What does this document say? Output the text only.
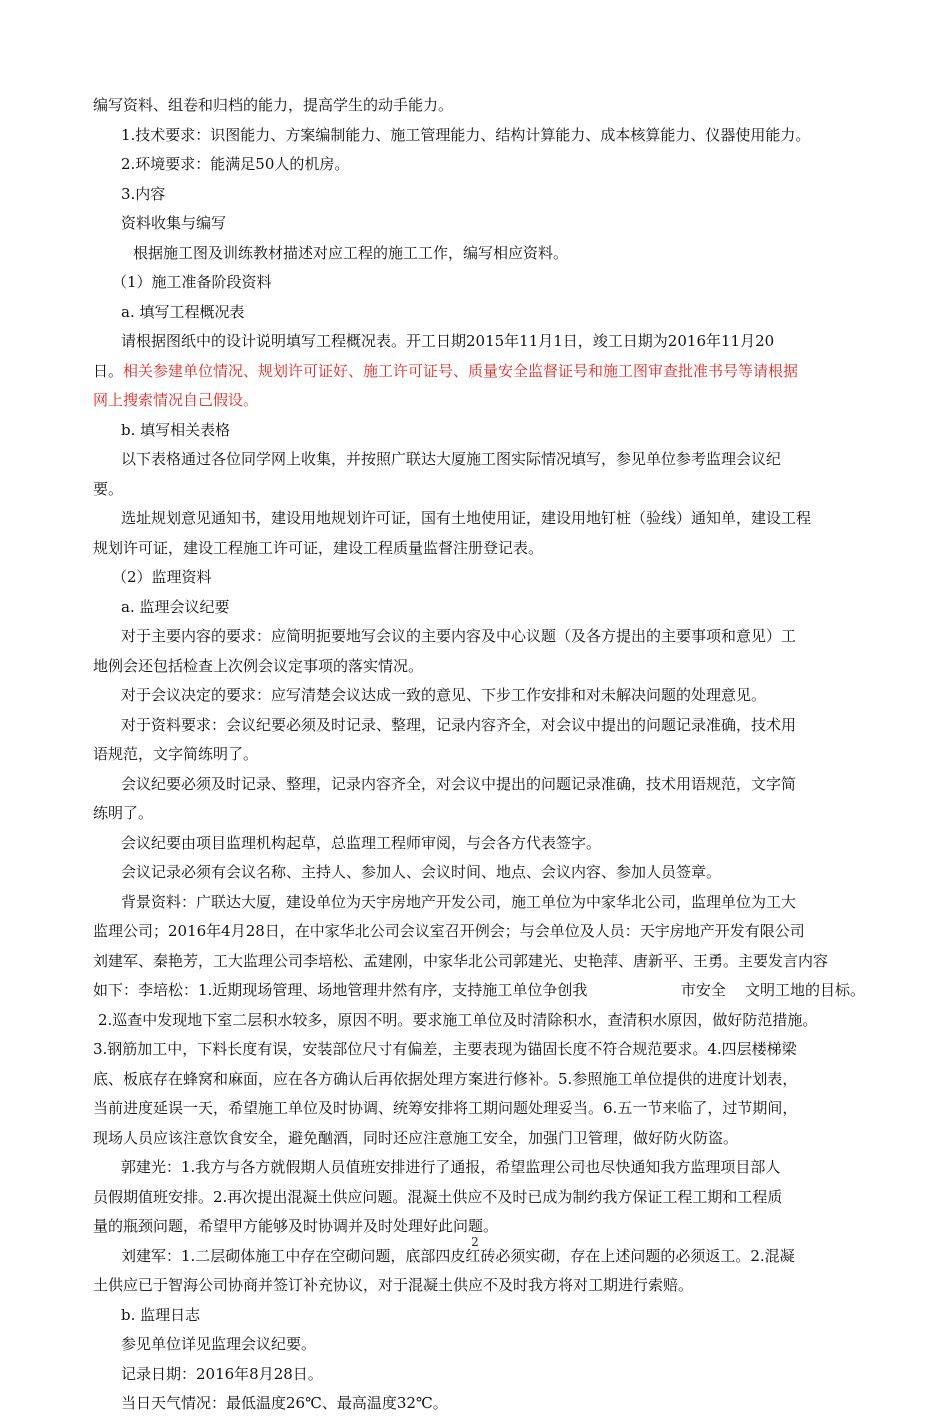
编写资料、组卷和归档的能力，提高学生的动手能力。
1.技术要求：识图能力、方案编制能力、施工管理能力、结构计算能力、成本核算能力、仪器使用能力。
2.环境要求：能满足50人的机房。
3.内容
资料收集与编写
根据施工图及训练教材描述对应工程的施工工作，编写相应资料。
（1）施工准备阶段资料
a. 填写工程概况表
请根据图纸中的设计说明填写工程概况表。开工日期2015年11月1日，竣工日期为2016年11月20
日。相关参建单位情况、规划许可证好、施工许可证号、质量安全监督证号和施工图审查批准书号等请根据
网上搜索情况自己假设。
b. 填写相关表格
以下表格通过各位同学网上收集，并按照广联达大厦施工图实际情况填写，参见单位参考监理会议纪
要。
选址规划意见通知书，建设用地规划许可证，国有土地使用证，建设用地钉桩（验线）通知单，建设工程
规划许可证，建设工程施工许可证，建设工程质量监督注册登记表。
（2）监理资料
a. 监理会议纪要
对于主要内容的要求：应简明扼要地写会议的主要内容及中心议题（及各方提出的主要事项和意见）工
地例会还包括检查上次例会议定事项的落实情况。
对于会议决定的要求：应写清楚会议达成一致的意见、下步工作安排和对未解决问题的处理意见。
对于资料要求：会议纪要必须及时记录、整理，记录内容齐全，对会议中提出的问题记录准确，技术用
语规范，文字简练明了。
会议纪要必须及时记录、整理，记录内容齐全，对会议中提出的问题记录准确，技术用语规范，文字简
练明了。
会议纪要由项目监理机构起草，总监理工程师审阅，与会各方代表签字。
会议记录必须有会议名称、主持人、参加人、会议时间、地点、会议内容、参加人员签章。
背景资料：广联达大厦，建设单位为天宇房地产开发公司，施工单位为中家华北公司，监理单位为工大
监理公司；2016年4月28日，在中家华北公司会议室召开例会；与会单位及人员：天宇房地产开发有限公司
刘建军、秦艳芳，工大监理公司李培松、孟建刚，中家华北公司郭建光、史艳萍、唐新平、王勇。主要发言内容
如下：李培松：1.近期现场管理、场地管理井然有序，支持施工单位争创我	市安全 文明工地的目标。
2.巡查中发现地下室二层积水较多，原因不明。要求施工单位及时清除积水，查清积水原因，做好防范措施。
3.钢筋加工中，下料长度有误，安装部位尺寸有偏差，主要表现为锚固长度不符合规范要求。4.四层楼梯梁
底、板底存在蜂窝和麻面，应在各方确认后再依据处理方案进行修补。5.参照施工单位提供的进度计划表，
当前进度延误一天，希望施工单位及时协调、统筹安排将工期问题处理妥当。6.五一节来临了，过节期间，
现场人员应该注意饮食安全，避免酗酒，同时还应注意施工安全，加强门卫管理，做好防火防盗。
郭建光：1.我方与各方就假期人员值班安排进行了通报，希望监理公司也尽快通知我方监理项目部人
员假期值班安排。2.再次提出混凝土供应问题。混凝土供应不及时已成为制约我方保证工程工期和工程质
量的瓶颈问题，希望甲方能够及时协调并及时处理好此问题。
刘建军：1.二层砌体施工中存在空砌问题，底部四皮红砖必须实砌，存在上述问题的必须返工。2.混凝
土供应已于智海公司协商并签订补充协议，对于混凝土供应不及时我方将对工期进行索赔。
b. 监理日志
参见单位详见监理会议纪要。
记录日期：2016年8月28日。
当日天气情况：最低温度26℃、最高温度32℃。
2
